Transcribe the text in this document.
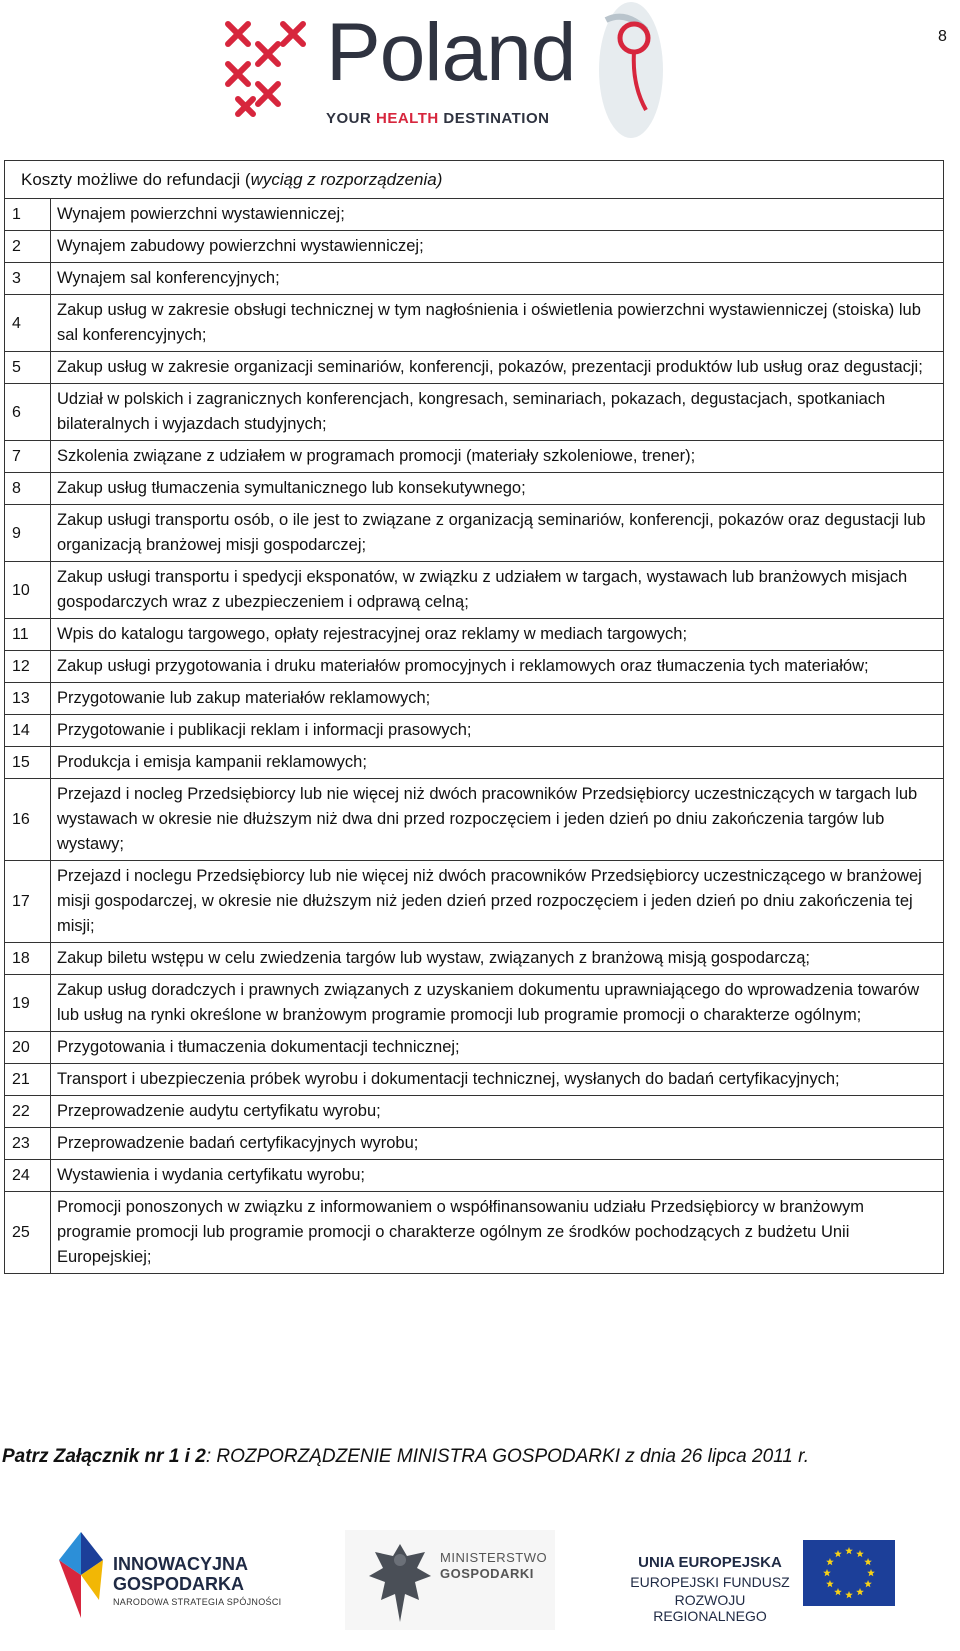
8
Poland
YOUR HEALTH DESTINATION
Koszty możliwe do refundacji (wyciąg z rozporządzenia)	
1	Wynajem powierzchni wystawienniczej;
2	Wynajem zabudowy powierzchni wystawienniczej;
3	Wynajem sal konferencyjnych;
4	Zakup usług w zakresie obsługi technicznej w tym nagłośnienia i oświetlenia powierzchni wystawienniczej (stoiska) lub sal konferencyjnych;
5	Zakup usług w zakresie organizacji seminariów, konferencji, pokazów, prezentacji produktów lub usług oraz degustacji;
6	Udział w polskich i zagranicznych konferencjach, kongresach, seminariach, pokazach, degustacjach, spotkaniach bilateralnych i wyjazdach studyjnych;
7	Szkolenia związane z udziałem w programach promocji (materiały szkoleniowe, trener);
8	Zakup usług tłumaczenia symultanicznego lub konsekutywnego;
9	Zakup usługi transportu osób, o ile jest to związane z organizacją seminariów, konferencji, pokazów oraz degustacji lub organizacją branżowej misji gospodarczej;
10	Zakup usługi transportu i spedycji eksponatów, w związku z udziałem w targach, wystawach lub branżowych misjach gospodarczych wraz z ubezpieczeniem i odprawą celną;
11	Wpis do katalogu targowego, opłaty rejestracyjnej oraz reklamy w mediach targowych;
12	Zakup usługi przygotowania i druku materiałów promocyjnych i reklamowych oraz tłumaczenia tych materiałów;
13	Przygotowanie lub zakup materiałów reklamowych;
14	Przygotowanie i publikacji reklam i informacji prasowych;
15	Produkcja i emisja kampanii reklamowych;
16	Przejazd i nocleg Przedsiębiorcy lub nie więcej niż dwóch pracowników Przedsiębiorcy uczestniczących w targach lub wystawach w okresie nie dłuższym niż dwa dni przed rozpoczęciem i jeden dzień po dniu zakończenia targów lub wystawy;
17	Przejazd i noclegu Przedsiębiorcy lub nie więcej niż dwóch pracowników Przedsiębiorcy uczestniczącego w branżowej misji gospodarczej, w okresie nie dłuższym niż jeden dzień przed rozpoczęciem i jeden dzień po dniu zakończenia tej misji;
18	Zakup biletu wstępu w celu zwiedzenia targów lub wystaw, związanych z branżową misją gospodarczą;
19	Zakup usług doradczych i prawnych związanych z uzyskaniem dokumentu uprawniającego do wprowadzenia towarów lub usług na rynki określone w branżowym programie promocji lub programie promocji o charakterze ogólnym;
20	Przygotowania i tłumaczenia dokumentacji technicznej;
21	Transport i ubezpieczenia próbek wyrobu i dokumentacji technicznej, wysłanych do badań certyfikacyjnych;
22	Przeprowadzenie audytu certyfikatu wyrobu;
23	Przeprowadzenie badań certyfikacyjnych wyrobu;
24	Wystawienia i wydania certyfikatu wyrobu;
25	Promocji ponoszonych w związku z informowaniem o współfinansowaniu udziału Przedsiębiorcy w branżowym programie promocji lub programie promocji o charakterze ogólnym ze środków pochodzących z budżetu Unii Europejskiej;
Patrz Załącznik nr 1 i 2: ROZPORZĄDZENIE MINISTRA GOSPODARKI z dnia 26 lipca 2011 r.
INNOWACYJNA
GOSPODARKA
NARODOWA STRATEGIA SPÓJNOŚCI
MINISTERSTWO
GOSPODARKI
UNIA EUROPEJSKA
EUROPEJSKI FUNDUSZ
ROZWOJU REGIONALNEGO
